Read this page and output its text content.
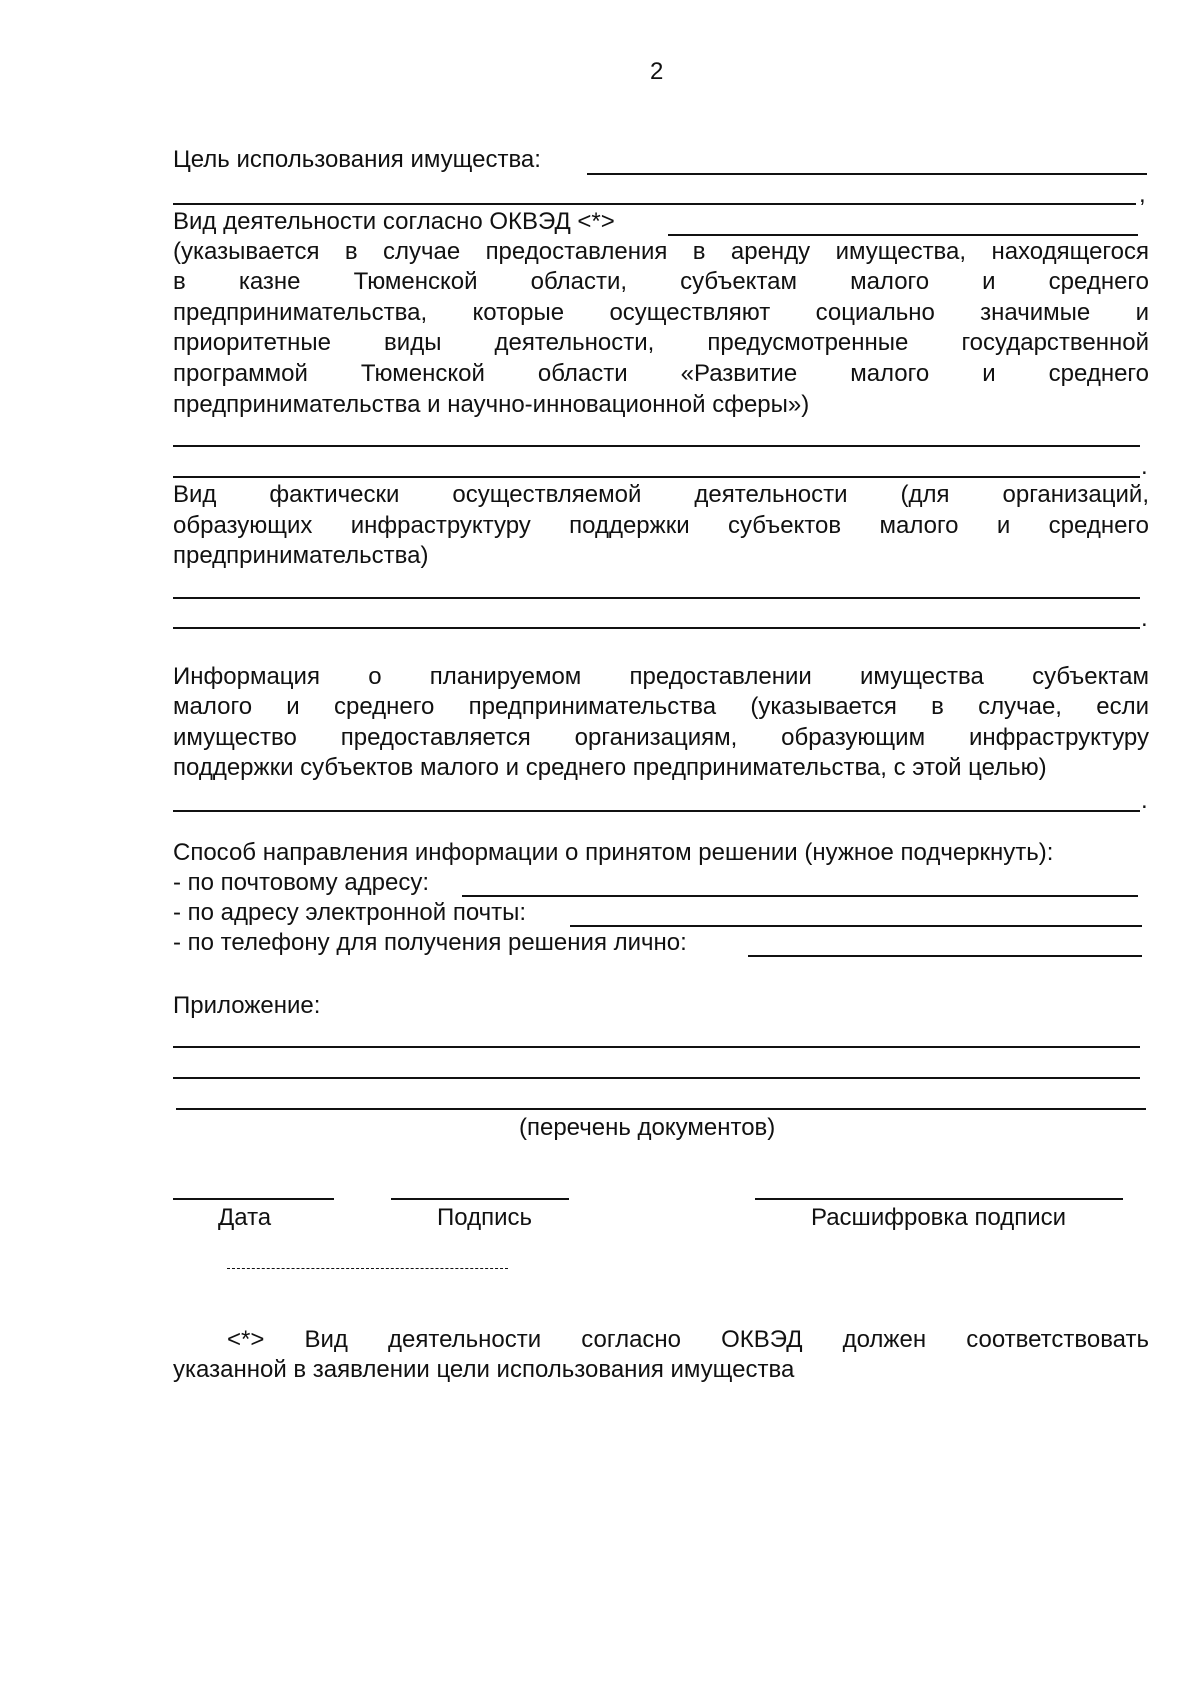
2
Цель использования имущества:
,
Вид деятельности согласно ОКВЭД <*>
(указывается в случае предоставления в аренду имущества, находящегося
в казне Тюменской области, субъектам малого и среднего
предпринимательства, которые осуществляют социально значимые и
приоритетные виды деятельности, предусмотренные государственной
программой Тюменской области «Развитие малого и среднего
предпринимательства и научно-инновационной сферы»)
.
Вид фактически осуществляемой деятельности (для организаций,
образующих инфраструктуру поддержки субъектов малого и среднего
предпринимательства)
.
Информация о планируемом предоставлении имущества субъектам
малого и среднего предпринимательства (указывается в случае, если
имущество предоставляется организациям, образующим инфраструктуру
поддержки субъектов малого и среднего предпринимательства, с этой целью)
.
Способ направления информации о принятом решении (нужное подчеркнуть):
- по почтовому адресу:
- по адресу электронной почты:
- по телефону для получения решения лично:
Приложение:
(перечень документов)
Дата	Подпись	Расшифровка подписи
<*> Вид деятельности согласно ОКВЭД должен соответствовать
указанной в заявлении цели использования имущества
